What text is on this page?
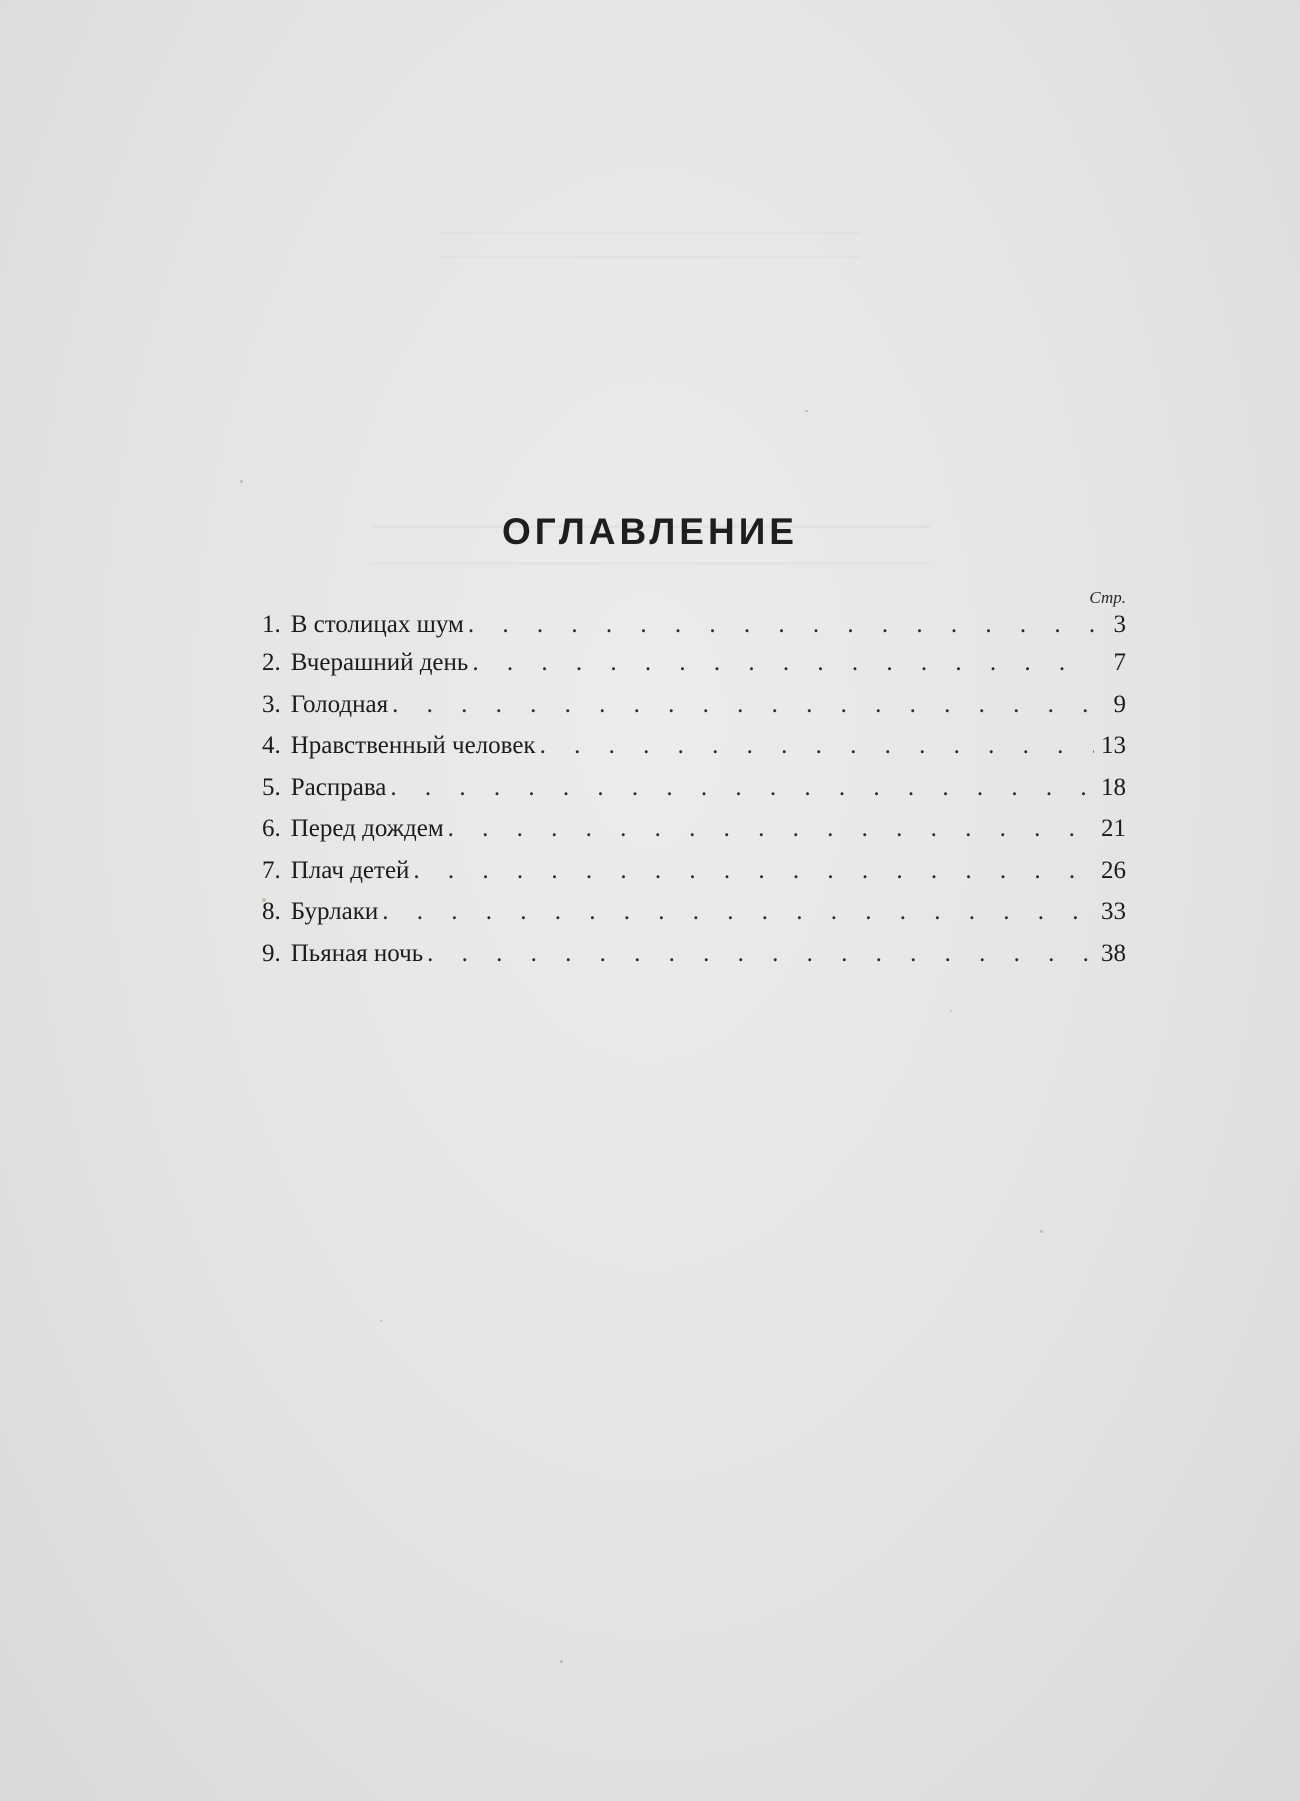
ОГЛАВЛЕНИЕ
Стр.
1. В столицах шум . . .	3
2. Вчерашний день . . .	7
3. Голодная . . .	9
4. Нравственный человек . . .	13
5. Расправа . . .	18
6. Перед дождем . . .	21
7. Плач детей . . .	26
8. Бурлаки . . .	33
9. Пьяная ночь . . .	38
